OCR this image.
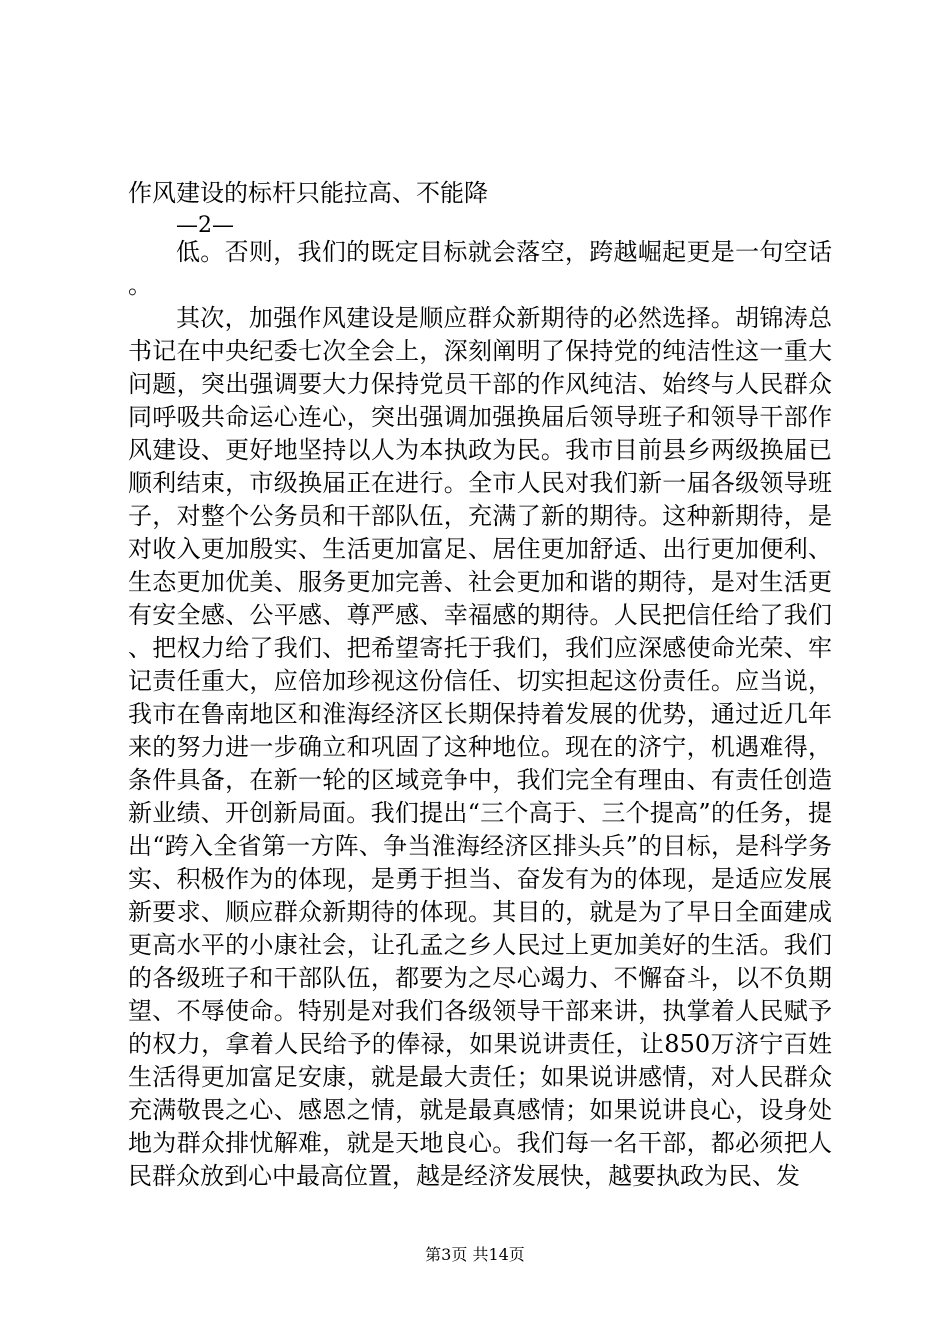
作风建设的标杆只能拉高、不能降
—2—

低。否则，我们的既定目标就会落空，跨越崛起更是一句空话。

其次，加强作风建设是顺应群众新期待的必然选择。胡锦涛总书记在中央纪委七次全会上，深刻阐明了保持党的纯洁性这一重大问题，突出强调要大力保持党员干部的作风纯洁、始终与人民群众同呼吸共命运心连心，突出强调加强换届后领导班子和领导干部作风建设、更好地坚持以人为本执政为民。我市目前县乡两级换届已顺利结束，市级换届正在进行。全市人民对我们新一届各级领导班子，对整个公务员和干部队伍，充满了新的期待。这种新期待，是对收入更加殷实、生活更加富足、居住更加舒适、出行更加便利、生态更加优美、服务更加完善、社会更加和谐的期待，是对生活更有安全感、公平感、尊严感、幸福感的期待。人民把信任给了我们、把权力给了我们、把希望寄托于我们，我们应深感使命光荣、牢记责任重大，应倍加珍视这份信任、切实担起这份责任。应当说，我市在鲁南地区和淮海经济区长期保持着发展的优势，通过近几年来的努力进一步确立和巩固了这种地位。现在的济宁，机遇难得，条件具备，在新一轮的区域竞争中，我们完全有理由、有责任创造新业绩、开创新局面。我们提出“三个高于、三个提高”的任务，提出“跨入全省第一方阵、争当淮海经济区排头兵”的目标，是科学务实、积极作为的体现，是勇于担当、奋发有为的体现，是适应发展新要求、顺应群众新期待的体现。其目的，就是为了早日全面建成更高水平的小康社会，让孔孟之乡人民过上更加美好的生活。我们的各级班子和干部队伍，都要为之尽心竭力、不懈奋斗，以不负期望、不辱使命。特别是对我们各级领导干部来讲，执掌着人民赋予的权力，拿着人民给予的俸禄，如果说讲责任，让850万济宁百姓生活得更加富足安康，就是最大责任；如果说讲感情，对人民群众充满敬畏之心、感恩之情，就是最真感情；如果说讲良心，设身处地为群众排忧解难，就是天地良心。我们每一名干部，都必须把人民群众放到心中最高位置，越是经济发展快，越要执政为民、发

第3页 共14页
